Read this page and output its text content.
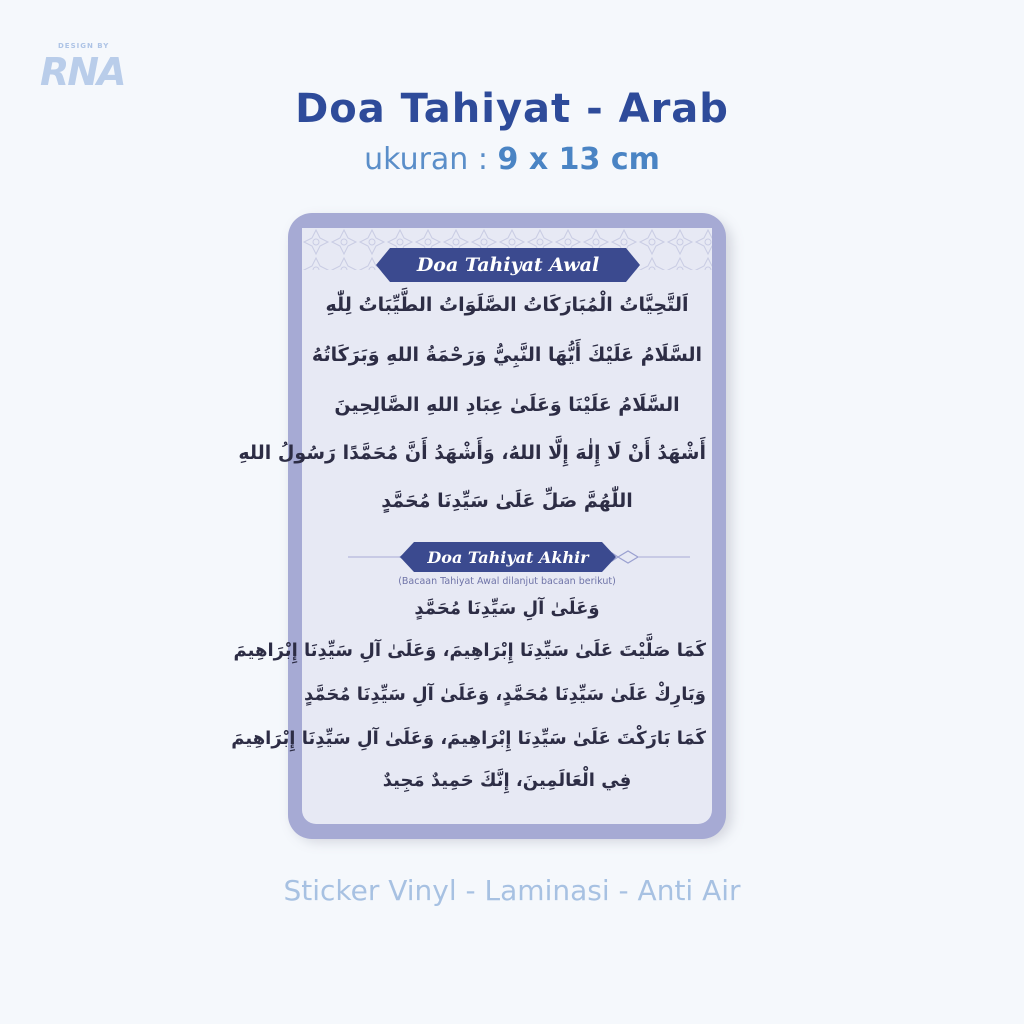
DESIGN BY
RNA
Doa Tahiyat - Arab
ukuran : 9 x 13 cm
Doa Tahiyat Awal
اَلتَّحِيَّاتُ الْمُبَارَكَاتُ الصَّلَوَاتُ الطَّيِّبَاتُ لِلّٰهِ
السَّلَامُ عَلَيْكَ أَيُّهَا النَّبِيُّ وَرَحْمَةُ اللهِ وَبَرَكَاتُهُ
السَّلَامُ عَلَيْنَا وَعَلَىٰ عِبَادِ اللهِ الصَّالِحِينَ
أَشْهَدُ أَنْ لَا إِلٰهَ إِلَّا اللهُ، وَأَشْهَدُ أَنَّ مُحَمَّدًا رَسُولُ اللهِ
اللّٰهُمَّ صَلِّ عَلَىٰ سَيِّدِنَا مُحَمَّدٍ
Doa Tahiyat Akhir
(Bacaan Tahiyat Awal dilanjut bacaan berikut)
وَعَلَىٰ آلِ سَيِّدِنَا مُحَمَّدٍ
كَمَا صَلَّيْتَ عَلَىٰ سَيِّدِنَا إِبْرَاهِيمَ، وَعَلَىٰ آلِ سَيِّدِنَا إِبْرَاهِيمَ
وَبَارِكْ عَلَىٰ سَيِّدِنَا مُحَمَّدٍ، وَعَلَىٰ آلِ سَيِّدِنَا مُحَمَّدٍ
كَمَا بَارَكْتَ عَلَىٰ سَيِّدِنَا إِبْرَاهِيمَ، وَعَلَىٰ آلِ سَيِّدِنَا إِبْرَاهِيمَ
فِي الْعَالَمِينَ، إِنَّكَ حَمِيدٌ مَجِيدٌ
Sticker Vinyl - Laminasi - Anti Air
